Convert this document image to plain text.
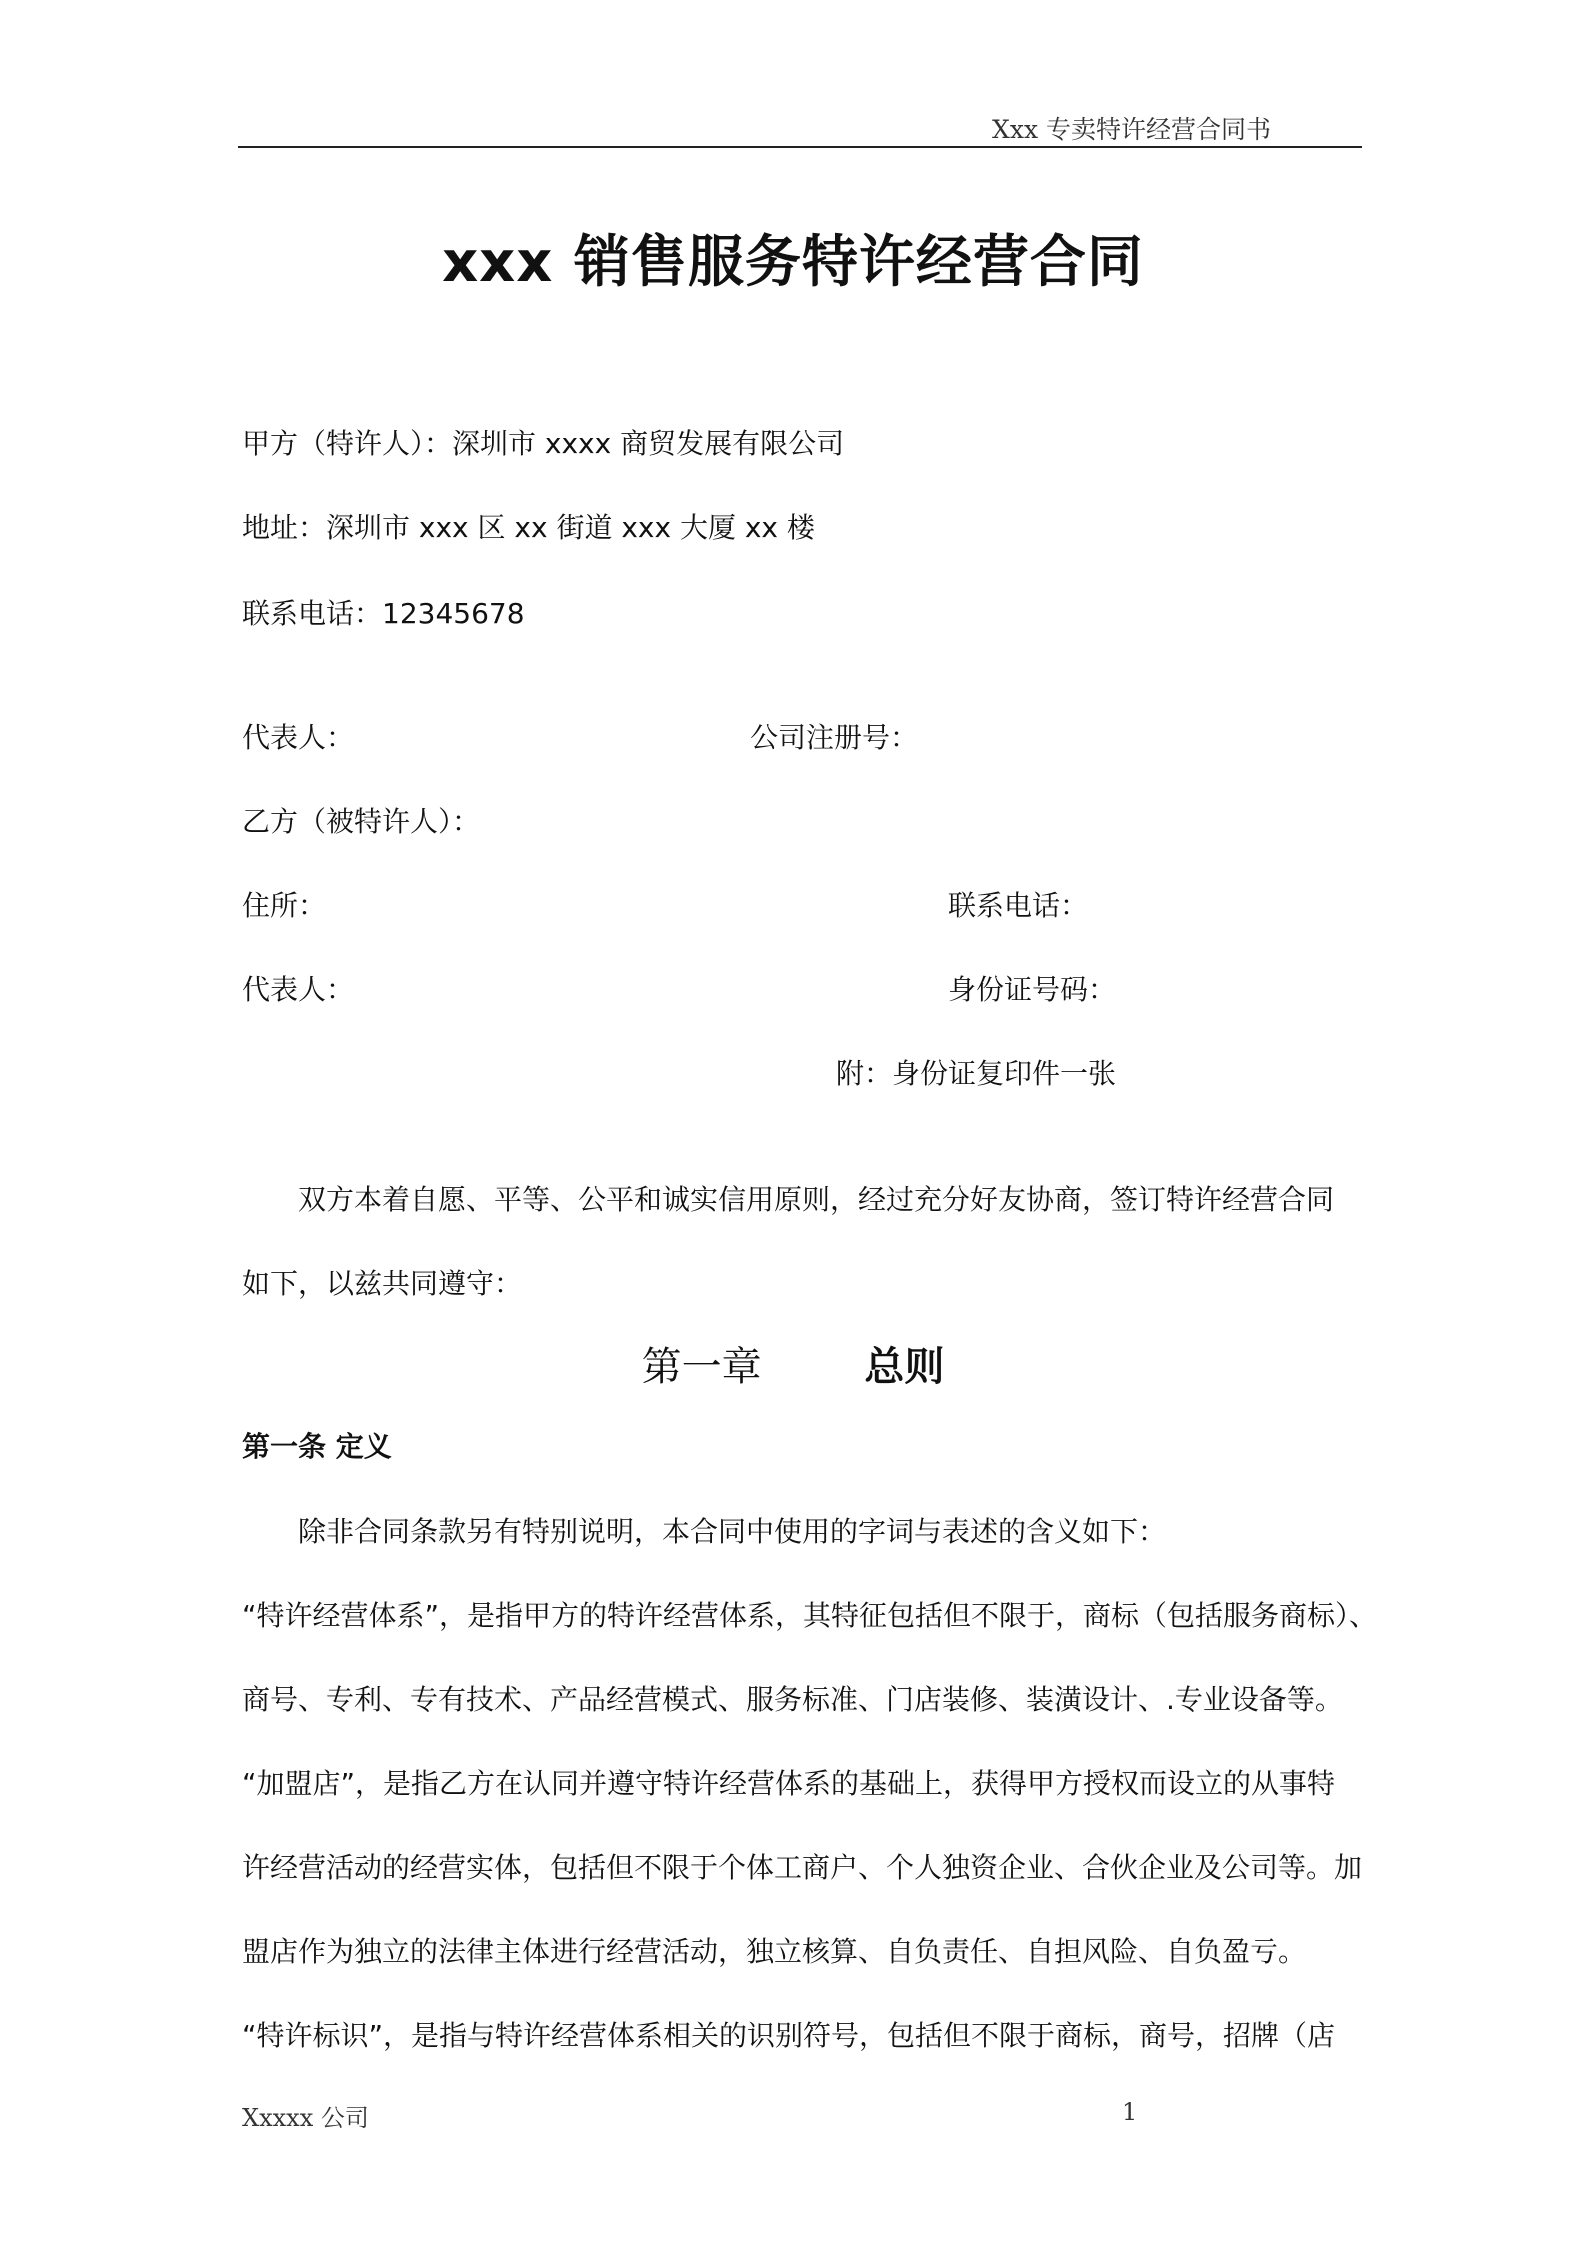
Xxx 专卖特许经营合同书
xxx 销售服务特许经营合同
甲方（特许人）：深圳市 xxxx 商贸发展有限公司
地址：深圳市 xxx 区 xx 街道 xxx 大厦 xx 楼
联系电话：12345678
代表人：	公司注册号：
乙方（被特许人）：
住所：	联系电话：
代表人：	身份证号码：
附：身份证复印件一张
　　双方本着自愿、平等、公平和诚实信用原则，经过充分好友协商，签订特许经营合同
如下，以兹共同遵守：
第一章	总则
第一条 定义
　　除非合同条款另有特别说明，本合同中使用的字词与表述的含义如下：
“特许经营体系”，是指甲方的特许经营体系，其特征包括但不限于，商标（包括服务商标）、
商号、专利、专有技术、产品经营模式、服务标准、门店装修、装潢设计、.专业设备等。
“加盟店”，是指乙方在认同并遵守特许经营体系的基础上，获得甲方授权而设立的从事特
许经营活动的经营实体，包括但不限于个体工商户、个人独资企业、合伙企业及公司等。加
盟店作为独立的法律主体进行经营活动，独立核算、自负责任、自担风险、自负盈亏。
“特许标识”，是指与特许经营体系相关的识别符号，包括但不限于商标，商号，招牌（店
Xxxxx 公司	1
